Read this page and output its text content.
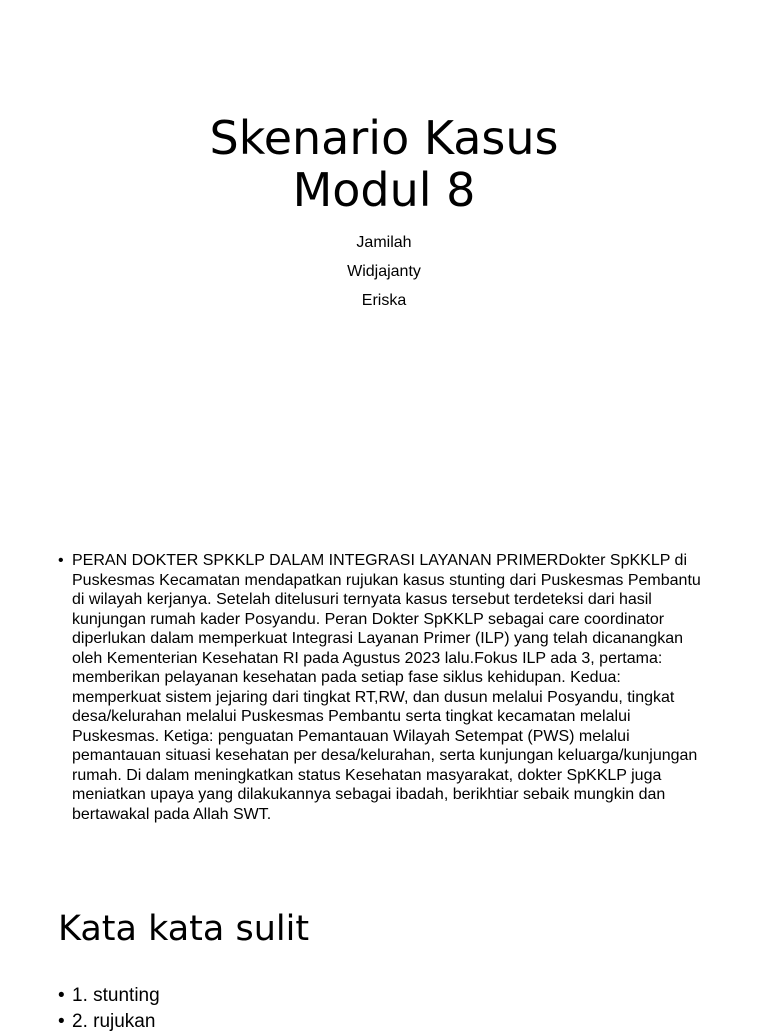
Skenario Kasus
Modul 8
Jamilah
Widjajanty
Eriska
• PERAN DOKTER SPKKLP DALAM INTEGRASI LAYANAN PRIMERDokter SpKKLP di Puskesmas Kecamatan mendapatkan rujukan kasus stunting dari Puskesmas Pembantu di wilayah kerjanya. Setelah ditelusuri ternyata kasus tersebut terdeteksi dari hasil kunjungan rumah kader Posyandu. Peran Dokter SpKKLP sebagai care coordinator diperlukan dalam memperkuat Integrasi Layanan Primer (ILP) yang telah dicanangkan oleh Kementerian Kesehatan RI pada Agustus 2023 lalu.Fokus ILP ada 3, pertama: memberikan pelayanan kesehatan pada setiap fase siklus kehidupan. Kedua: memperkuat sistem jejaring dari tingkat RT,RW, dan dusun melalui Posyandu, tingkat desa/kelurahan melalui Puskesmas Pembantu serta tingkat kecamatan melalui Puskesmas. Ketiga: penguatan Pemantauan Wilayah Setempat (PWS) melalui pemantauan situasi kesehatan per desa/kelurahan, serta kunjungan keluarga/kunjungan rumah. Di dalam meningkatkan status Kesehatan masyarakat, dokter SpKKLP juga meniatkan upaya yang dilakukannya sebagai ibadah, berikhtiar sebaik mungkin dan bertawakal pada Allah SWT.
Kata kata sulit
• 1. stunting
• 2. rujukan
